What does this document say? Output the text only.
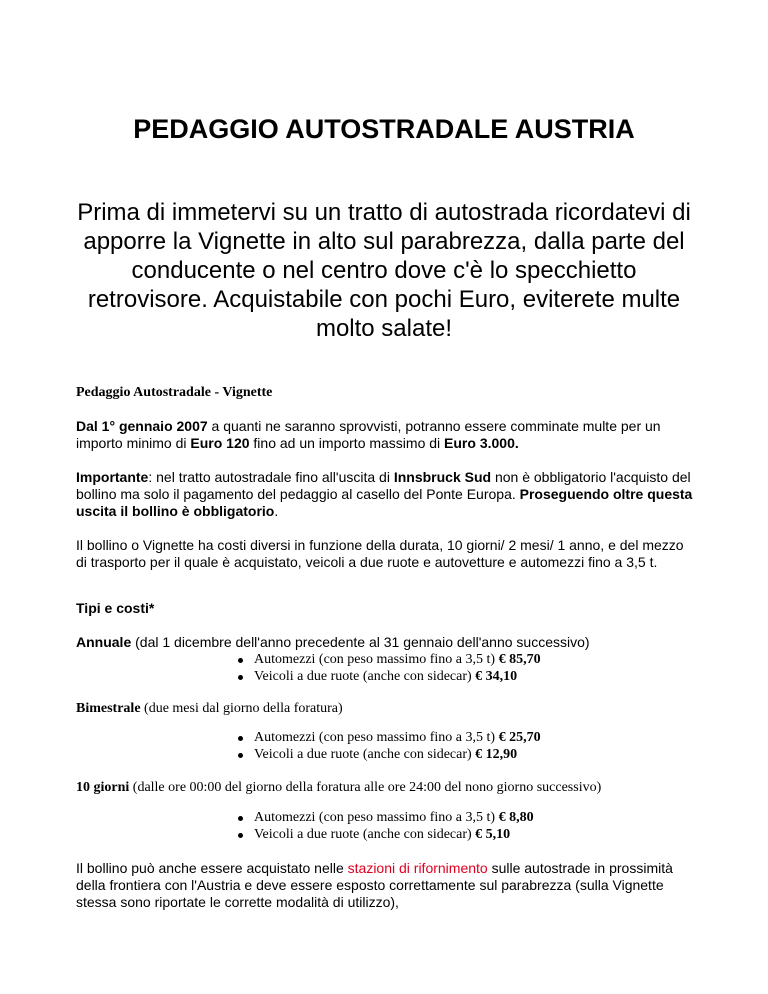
PEDAGGIO AUTOSTRADALE AUSTRIA

Prima di immetervi su un tratto di autostrada ricordatevi di apporre la Vignette in alto sul parabrezza, dalla parte del conducente o nel centro dove c'è lo specchietto retrovisore. Acquistabile con pochi Euro, eviterete multe molto salate!

Pedaggio Autostradale - Vignette

Dal 1° gennaio 2007 a quanti ne saranno sprovvisti, potranno essere comminate multe per un importo minimo di Euro 120 fino ad un importo massimo di Euro 3.000.

Importante: nel tratto autostradale fino all'uscita di Innsbruck Sud non è obbligatorio l'acquisto del bollino ma solo il pagamento del pedaggio al casello del Ponte Europa. Proseguendo oltre questa uscita il bollino è obbligatorio.

Il bollino o Vignette ha costi diversi in funzione della durata, 10 giorni/ 2 mesi/ 1 anno, e del mezzo di trasporto per il quale è acquistato, veicoli a due ruote e autovetture e automezzi fino a 3,5 t.

Tipi e costi*

Annuale (dal 1 dicembre dell'anno precedente al 31 gennaio dell'anno successivo)

Automezzi (con peso massimo fino a 3,5 t) € 85,70
Veicoli a due ruote (anche con sidecar) € 34,10

Bimestrale (due mesi dal giorno della foratura)

Automezzi (con peso massimo fino a 3,5 t) € 25,70
Veicoli a due ruote (anche con sidecar) € 12,90

10 giorni (dalle ore 00:00 del giorno della foratura alle ore 24:00 del nono giorno successivo)

Automezzi (con peso massimo fino a 3,5 t) € 8,80
Veicoli a due ruote (anche con sidecar) € 5,10

Il bollino può anche essere acquistato nelle stazioni di rifornimento sulle autostrade in prossimità della frontiera con l'Austria e deve essere esposto correttamente sul parabrezza (sulla Vignette stessa sono riportate le corrette modalità di utilizzo),
